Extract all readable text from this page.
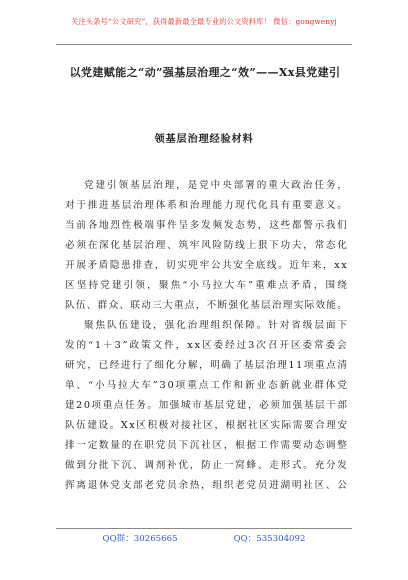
关注头条号“公文研究”，获得最新最全最专业的公文资料库！ 微信：gongwenyj
以党建赋能之“动”强基层治理之“效”——Xx县党建引
领基层治理经验材料
党 建 引 领 基 层 治 理 ， 是 党 中 央 部 署 的 重 大 政 治 任 务 ，
对 于 推 进 基 层 治 理 体 系 和 治 理 能 力 现 代 化 具 有 重 要 意 义 。
当 前 各 地 烈 性 极 端 事 件 呈 多 发 频 发 态 势 ， 这 些 都 警 示 我 们
必 须 在 深 化 基 层 治 理 、 筑 牢 风 险 防 线 上 狠 下 功 夫 ， 常 态 化
开 展 矛 盾 隐 患 排 查 ， 切 实 兜 牢 公 共 安 全 底 线 。 近 年 来 ， x x
区 坚 持 党 建 引 领 ， 聚 焦 “ 小 马 拉 大 车 ” 重 难 点 矛 盾 ， 围 绕
队 伍 、 群 众 、 联 动 三 大 重 点 ， 不 断 强 化 基 层 治 理 实 际 效 能 。
聚 焦 队 伍 建 设 ， 强 化 治 理 组 织 保 障 。 针 对 省 级 层 面 下
发 的 “ 1 ＋ 3 ” 政 策 文 件 ， x x 区 委 经 过 3 次 召 开 区 委 常 委 会
研 究 ， 已 经 进 行 了 细 化 分 解 ， 明 确 了 基 层 治 理 1 1 项 重 点 清
单 、 “ 小 马 拉 大 车 ” 3 0 项 重 点 工 作 和 新 业 态 新 就 业 群 体 党
建 2 0 项 重 点 任 务 。 加 强 城 市 基 层 党 建 ， 必 须 加 强 基 层 干 部
队 伍 建 设 。 X x 区 积 极 对 接 社 区 ， 根 据 社 区 实 际 需 要 合 理 安
排 一 定 数 量 的 在 职 党 员 下 沉 社 区 ， 根 据 工 作 需 要 动 态 调 整
做 到 分 批 下 沉 、 调 剂 补 优 ， 防 止 一 窝 蜂 、 走 形 式 。 充 分 发
挥 离 退 休 党 支 部 老 党 员 余 热 ， 组 织 老 党 员 进 湖 明 社 区 、 公
QQ群：30265665	QQ：535304092
